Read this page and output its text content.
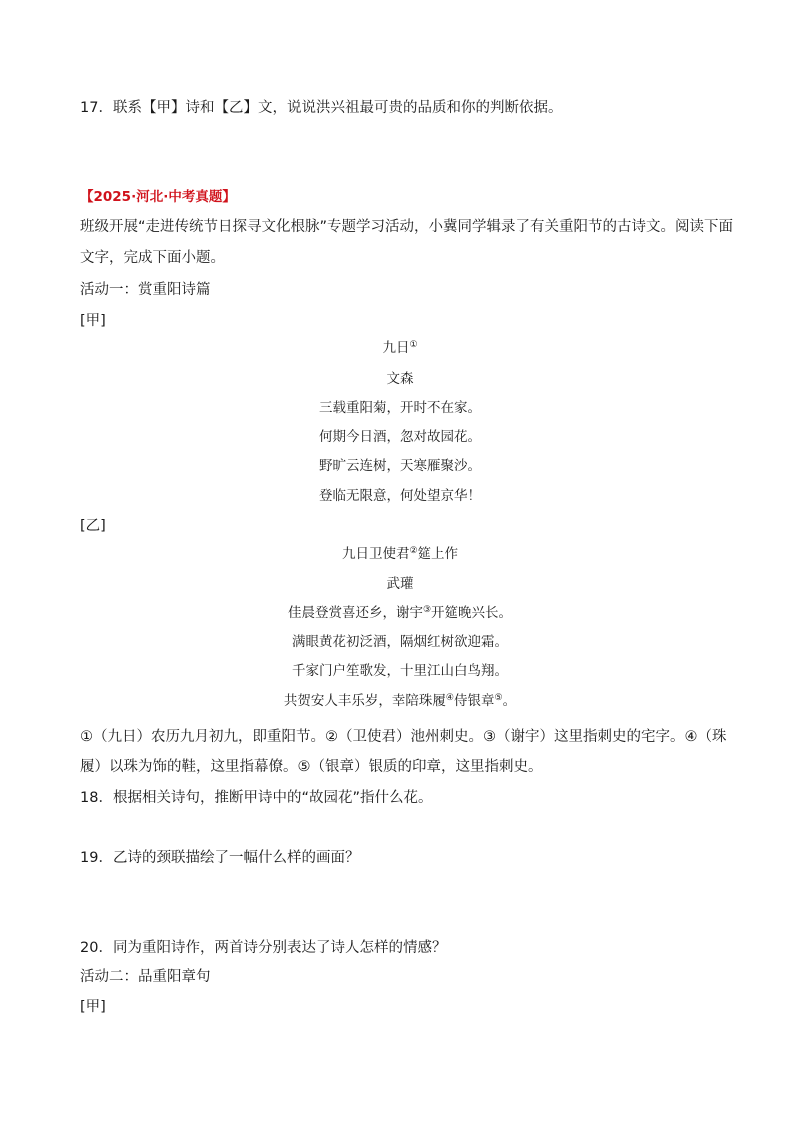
17．联系【甲】诗和【乙】文，说说洪兴祖最可贵的品质和你的判断依据。
【2025·河北·中考真题】
班级开展“走进传统节日探寻文化根脉”专题学习活动，小冀同学辑录了有关重阳节的古诗文。阅读下面
文字，完成下面小题。
活动一：赏重阳诗篇
[甲]
九日①
文森
三载重阳菊，开时不在家。
何期今日酒，忽对故园花。
野旷云连树，天寒雁聚沙。
登临无限意，何处望京华！
[乙]
九日卫使君②筵上作
武瓘
佳晨登赏喜还乡，谢宇③开筵晚兴长。
满眼黄花初泛酒，隔烟红树欲迎霜。
千家门户笙歌发，十里江山白鸟翔。
共贺安人丰乐岁，幸陪珠履④侍银章⑤。
①（九日）农历九月初九，即重阳节。②（卫使君）池州刺史。③（谢宇）这里指刺史的宅字。④（珠
履）以珠为饰的鞋，这里指幕僚。⑤（银章）银质的印章，这里指刺史。
18．根据相关诗句，推断甲诗中的“故园花”指什么花。
19．乙诗的颈联描绘了一幅什么样的画面？
20．同为重阳诗作，两首诗分别表达了诗人怎样的情感？
活动二：品重阳章句
[甲]
